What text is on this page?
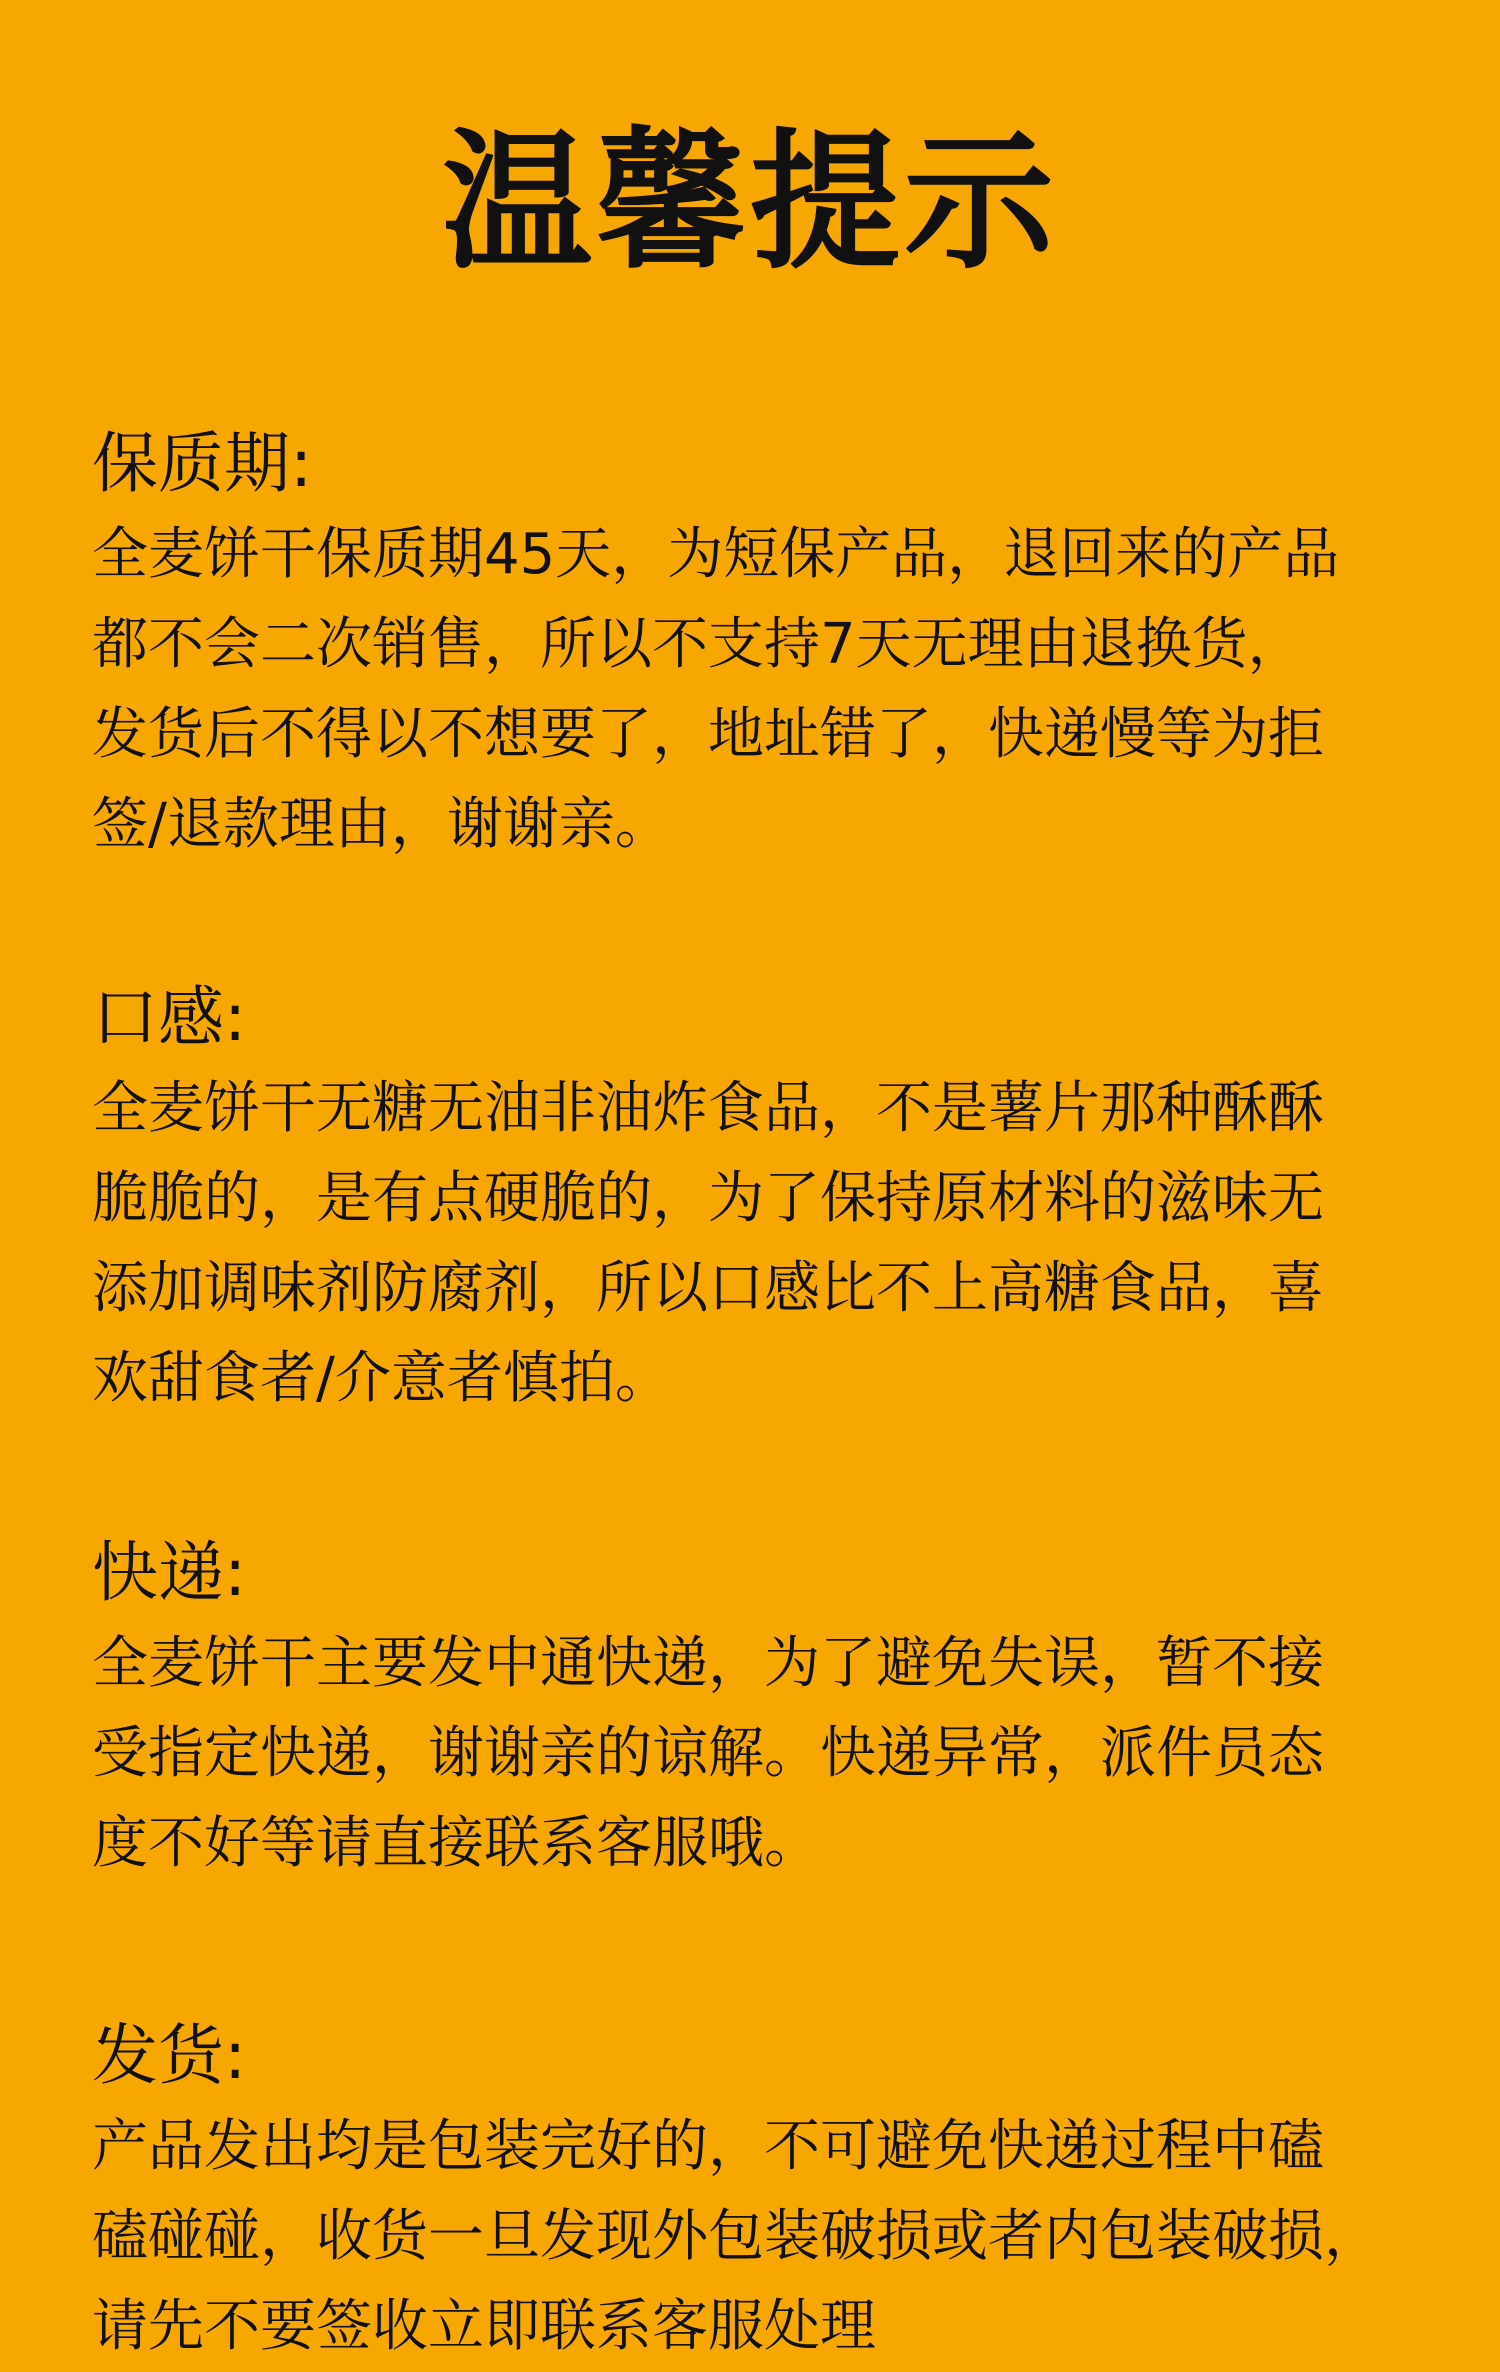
温馨提示
保质期:

全麦饼干保质期45天，为短保产品，退回来的产品
都不会二次销售，所以不支持7天无理由退换货，
发货后不得以不想要了，地址错了，快递慢等为拒
签/退款理由，谢谢亲。

口感:

全麦饼干无糖无油非油炸食品，不是薯片那种酥酥
脆脆的，是有点硬脆的，为了保持原材料的滋味无
添加调味剂防腐剂，所以口感比不上高糖食品，喜
欢甜食者/介意者慎拍。

快递:

全麦饼干主要发中通快递，为了避免失误，暂不接
受指定快递，谢谢亲的谅解。快递异常，派件员态
度不好等请直接联系客服哦。

发货:

产品发出均是包装完好的，不可避免快递过程中磕
磕碰碰，收货一旦发现外包装破损或者内包装破损，
请先不要签收立即联系客服处理
